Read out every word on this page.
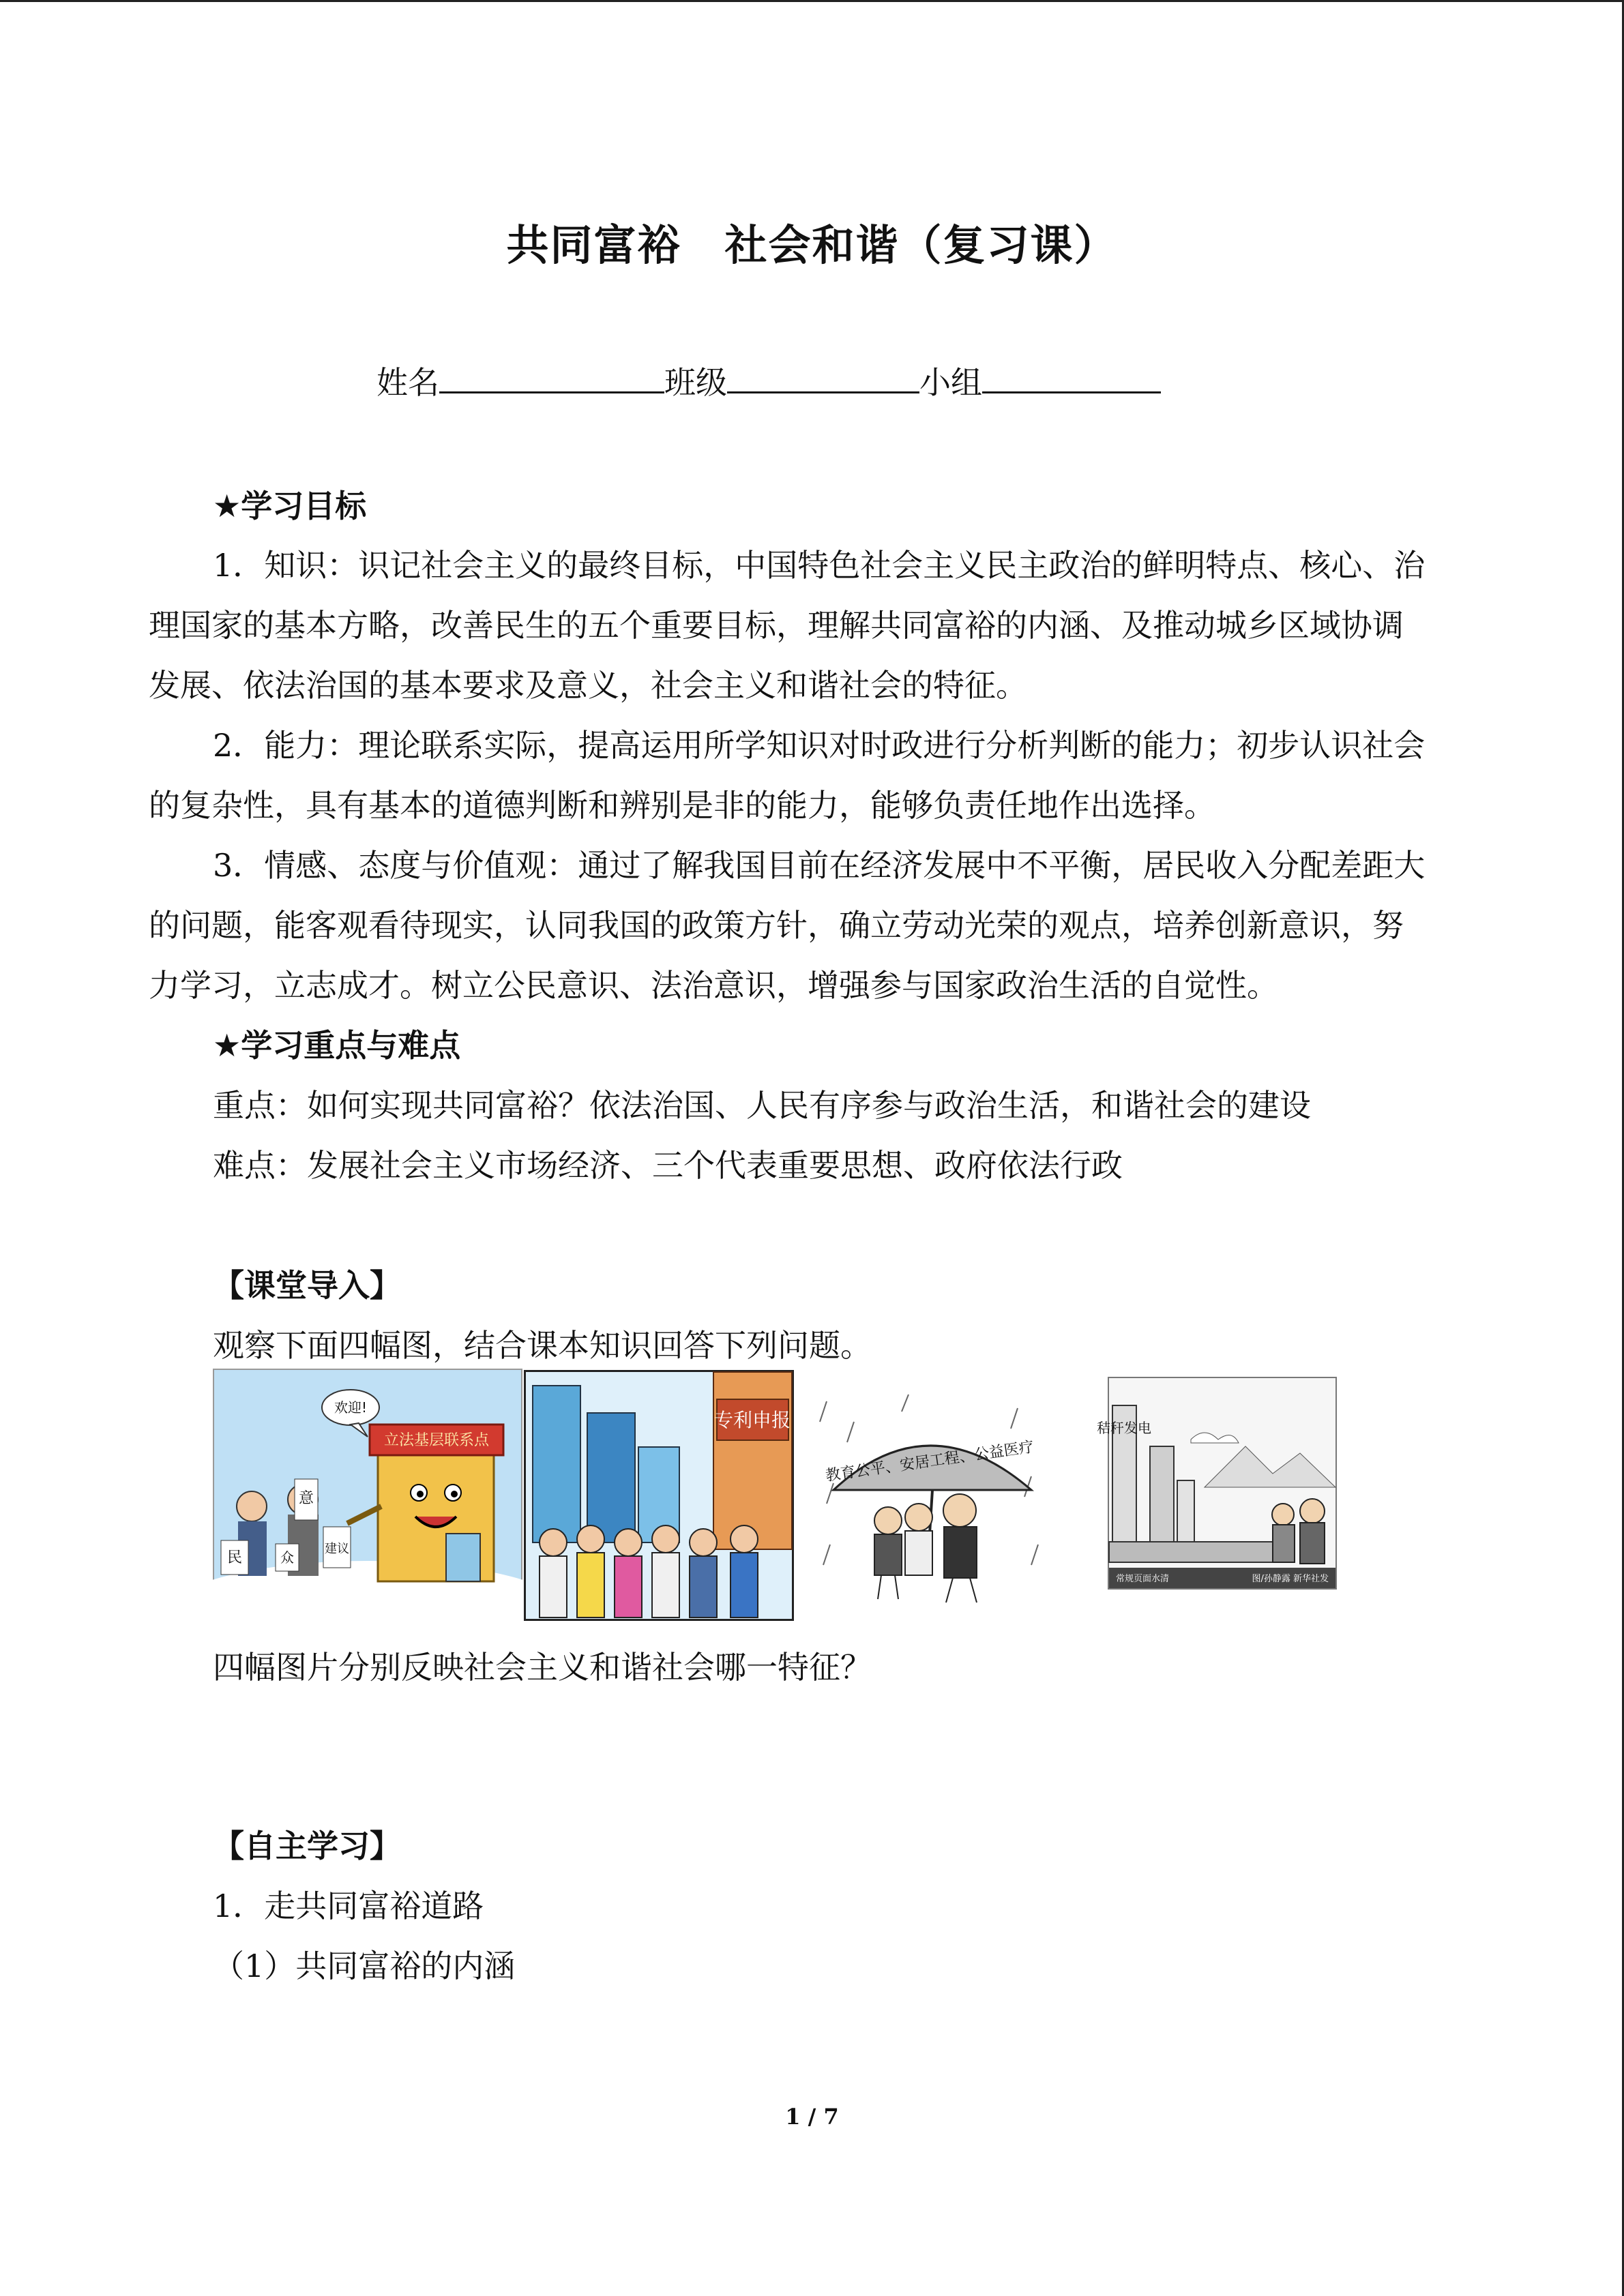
共同富裕　社会和谐（复习课）
姓名	班级	小组
★学习目标
1．知识：识记社会主义的最终目标，中国特色社会主义民主政治的鲜明特点、核心、治
理国家的基本方略，改善民生的五个重要目标，理解共同富裕的内涵、及推动城乡区域协调
发展、依法治国的基本要求及意义，社会主义和谐社会的特征。
2．能力：理论联系实际，提高运用所学知识对时政进行分析判断的能力；初步认识社会
的复杂性，具有基本的道德判断和辨别是非的能力，能够负责任地作出选择。
3．情感、态度与价值观：通过了解我国目前在经济发展中不平衡，居民收入分配差距大
的问题，能客观看待现实，认同我国的政策方针，确立劳动光荣的观点，培养创新意识，努
力学习，立志成才。树立公民意识、法治意识，增强参与国家政治生活的自觉性。
★学习重点与难点
重点：如何实现共同富裕？依法治国、人民有序参与政治生活，和谐社会的建设
难点：发展社会主义市场经济、三个代表重要思想、政府依法行政
【课堂导入】
观察下面四幅图，结合课本知识回答下列问题。
立法基层联系点
欢迎!
民
意
众
建议
专利申报
教育公平、安居工程、公益医疗
秸秆发电
常规页面水清	图/孙静露 新华社发
四幅图片分别反映社会主义和谐社会哪一特征？
【自主学习】
1．走共同富裕道路
（1）共同富裕的内涵
1 / 7
